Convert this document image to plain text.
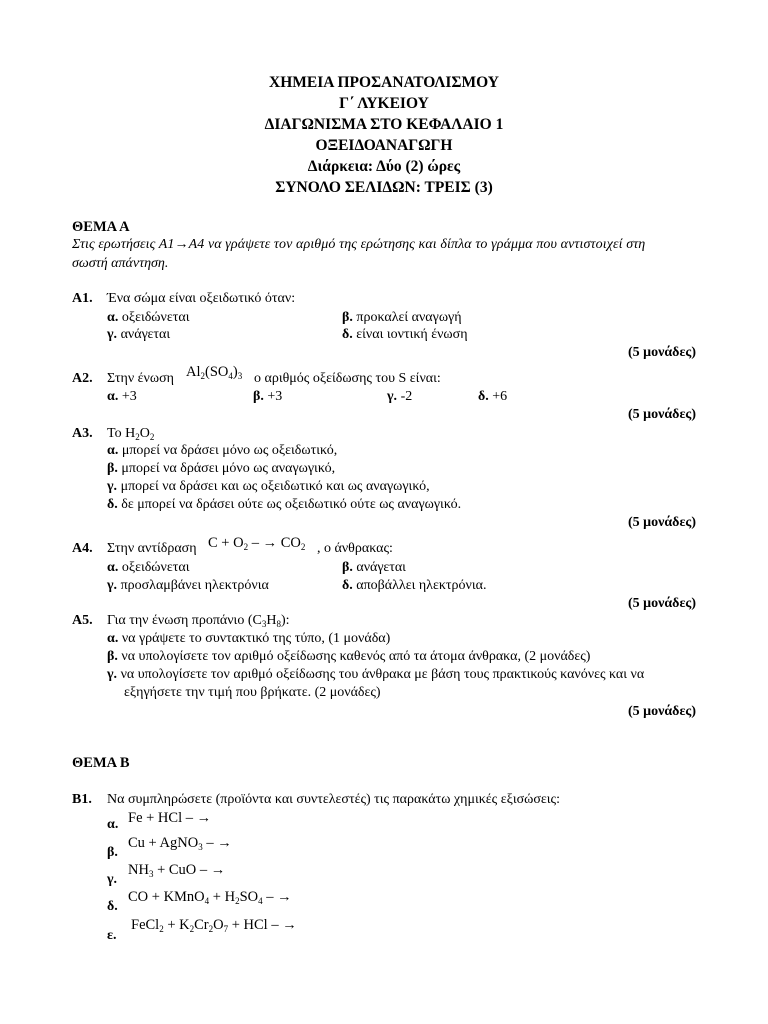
ΧΗΜΕΙΑ ΠΡΟΣΑΝΑΤΟΛΙΣΜΟΥ
Γ΄ ΛΥΚΕΙΟΥ
ΔΙΑΓΩΝΙΣΜΑ ΣΤΟ ΚΕΦΑΛΑΙΟ 1
ΟΞΕΙΔΟΑΝΑΓΩΓΗ
Διάρκεια: Δύο (2) ώρες
ΣΥΝΟΛΟ ΣΕΛΙΔΩΝ: ΤΡΕΙΣ (3)
ΘΕΜΑ Α
Στις ερωτήσεις Α1→Α4 να γράψετε τον αριθμό της ερώτησης και δίπλα το γράμμα που αντιστοιχεί στη
σωστή απάντηση.
Α1. Ένα σώμα είναι οξειδωτικό όταν:
α. οξειδώνεται	β. προκαλεί αναγωγή
γ. ανάγεται	δ. είναι ιοντική ένωση
(5 μονάδες)
Α2. Στην ένωση $Al_2(SO_4)_3$ ο αριθμός οξείδωσης του S είναι:
α. +3	β. +3	γ. -2	δ. +6
(5 μονάδες)
Α3. Το $H_2O_2$
α. μπορεί να δράσει μόνο ως οξειδωτικό,
β. μπορεί να δράσει μόνο ως αναγωγικό,
γ. μπορεί να δράσει και ως οξειδωτικό και ως αναγωγικό,
δ. δε μπορεί να δράσει ούτε ως οξειδωτικό ούτε ως αναγωγικό.
(5 μονάδες)
Α4. Στην αντίδραση $C + O_2$ – → $CO_2$ , ο άνθρακας:
α. οξειδώνεται	β. ανάγεται
γ. προσλαμβάνει ηλεκτρόνια	δ. αποβάλλει ηλεκτρόνια.
(5 μονάδες)
Α5. Για την ένωση προπάνιο $(C_3H_8)$:
α. να γράψετε το συντακτικό της τύπο, (1 μονάδα)
β. να υπολογίσετε τον αριθμό οξείδωσης καθενός από τα άτομα άνθρακα, (2 μονάδες)
γ. να υπολογίσετε τον αριθμό οξείδωσης του άνθρακα με βάση τους πρακτικούς κανόνες και να
εξηγήσετε την τιμή που βρήκατε. (2 μονάδες)
(5 μονάδες)
ΘΕΜΑ Β
Β1. Να συμπληρώσετε (προϊόντα και συντελεστές) τις παρακάτω χημικές εξισώσεις:
α. Fe + HCl – →
β.
Cu + AgNO$_3$ – →
γ.
$NH_3$ + CuO – →
δ.
CO + KMnO$_4$ + $H_2SO_4$ – →
ε.
FeCl$_2$ + $K_2Cr_2O_7$ + HCl – →
